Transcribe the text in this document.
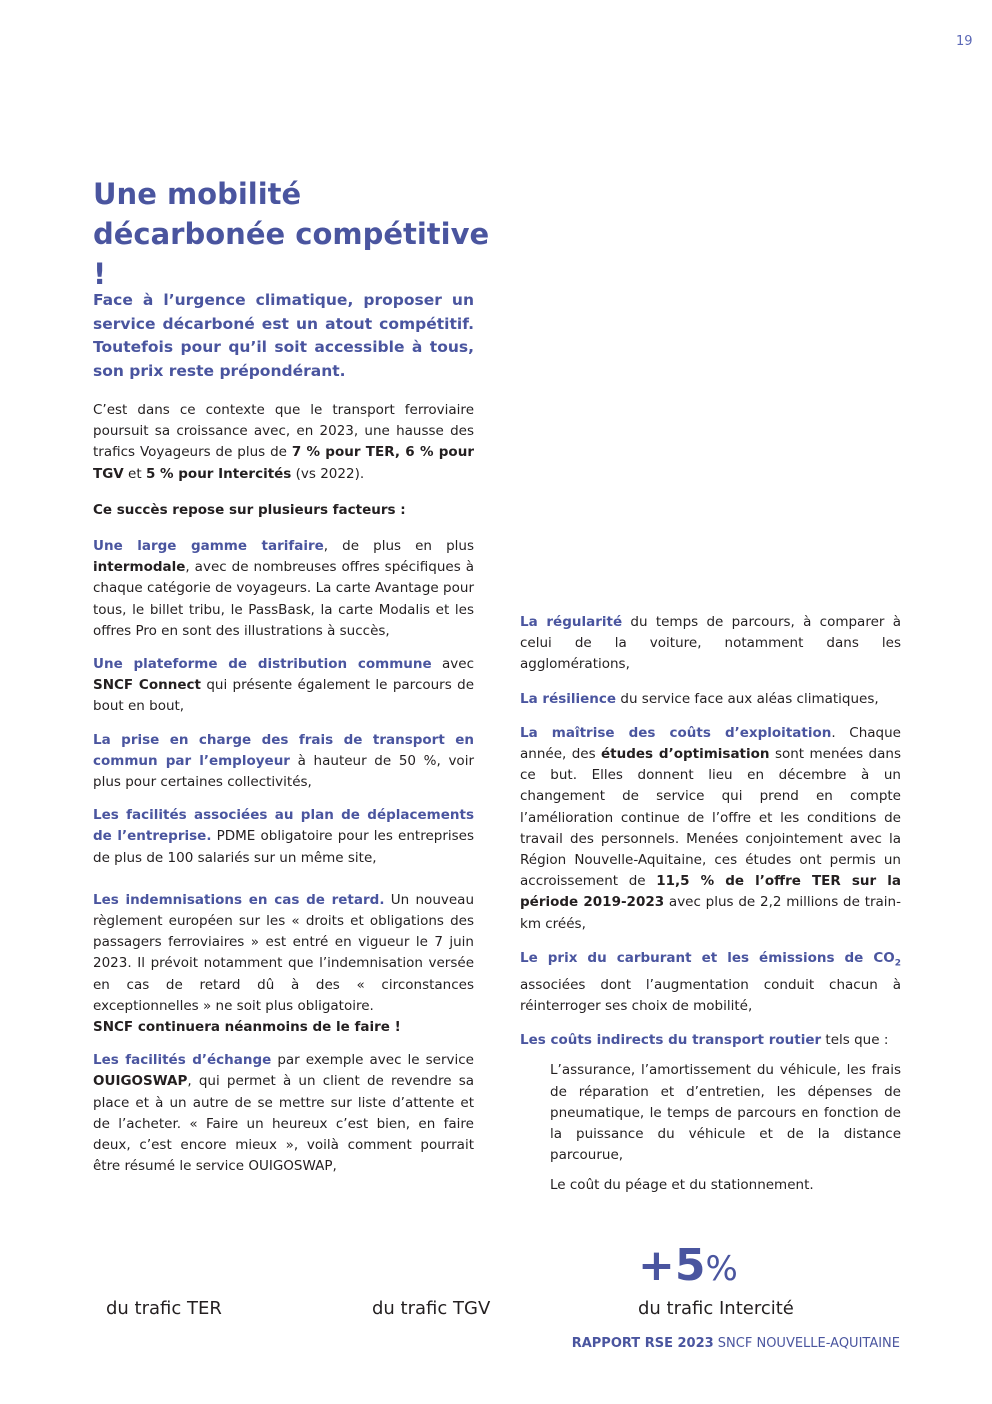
19
Une mobilité décarbonée compétitive !
Face à l’urgence climatique, proposer un service décarboné est un atout compétitif. Toutefois pour qu’il soit accessible à tous, son prix reste prépondérant.

C’est dans ce contexte que le transport ferroviaire poursuit sa croissance avec, en 2023, une hausse des trafics Voyageurs de plus de 7 % pour TER, 6 % pour TGV et 5 % pour Intercités (vs 2022).

Ce succès repose sur plusieurs facteurs :

Une large gamme tarifaire, de plus en plus intermodale, avec de nombreuses offres spécifiques à chaque catégorie de voyageurs. La carte Avantage pour tous, le billet tribu, le PassBask, la carte Modalis et les offres Pro en sont des illustrations à succès,

Une plateforme de distribution commune avec SNCF Connect qui présente également le parcours de bout en bout,

La prise en charge des frais de transport en commun par l’employeur à hauteur de 50 %, voir plus pour certaines collectivités,

Les facilités associées au plan de déplacements de l’entreprise. PDME obligatoire pour les entreprises de plus de 100 salariés sur un même site,

Les indemnisations en cas de retard. Un nouveau règlement européen sur les « droits et obligations des passagers ferroviaires » est entré en vigueur le 7 juin 2023. Il prévoit notamment que l’indemnisation versée en cas de retard dû à des « circonstances exceptionnelles » ne soit plus obligatoire.
SNCF continuera néanmoins de le faire !

Les facilités d’échange par exemple avec le service OUIGOSWAP, qui permet à un client de revendre sa place et à un autre de se mettre sur liste d’attente et de l’acheter. « Faire un heureux c’est bien, en faire deux, c’est encore mieux », voilà comment pourrait être résumé le service OUIGOSWAP,

La régularité du temps de parcours, à comparer à celui de la voiture, notamment dans les agglomérations,

La résilience du service face aux aléas climatiques,

La maîtrise des coûts d’exploitation. Chaque année, des études d’optimisation sont menées dans ce but. Elles donnent lieu en décembre à un changement de service qui prend en compte l’amélioration continue de l’offre et les conditions de travail des personnels. Menées conjointement avec la Région Nouvelle-Aquitaine, ces études ont permis un accroissement de 11,5 % de l’offre TER sur la période 2019-2023 avec plus de 2,2 millions de train-km créés,

Le prix du carburant et les émissions de $CO_2$ associées dont l’augmentation conduit chacun à réinterroger ses choix de mobilité,

Les coûts indirects du transport routier tels que :

L’assurance, l’amortissement du véhicule, les frais de réparation et d’entretien, les dépenses de pneumatique, le temps de parcours en fonction de la puissance du véhicule et de la distance parcourue,

Le coût du péage et du stationnement.

+5%
du trafic TER	du trafic TGV	du trafic Intercité
RAPPORT RSE 2023 SNCF NOUVELLE-AQUITAINE
